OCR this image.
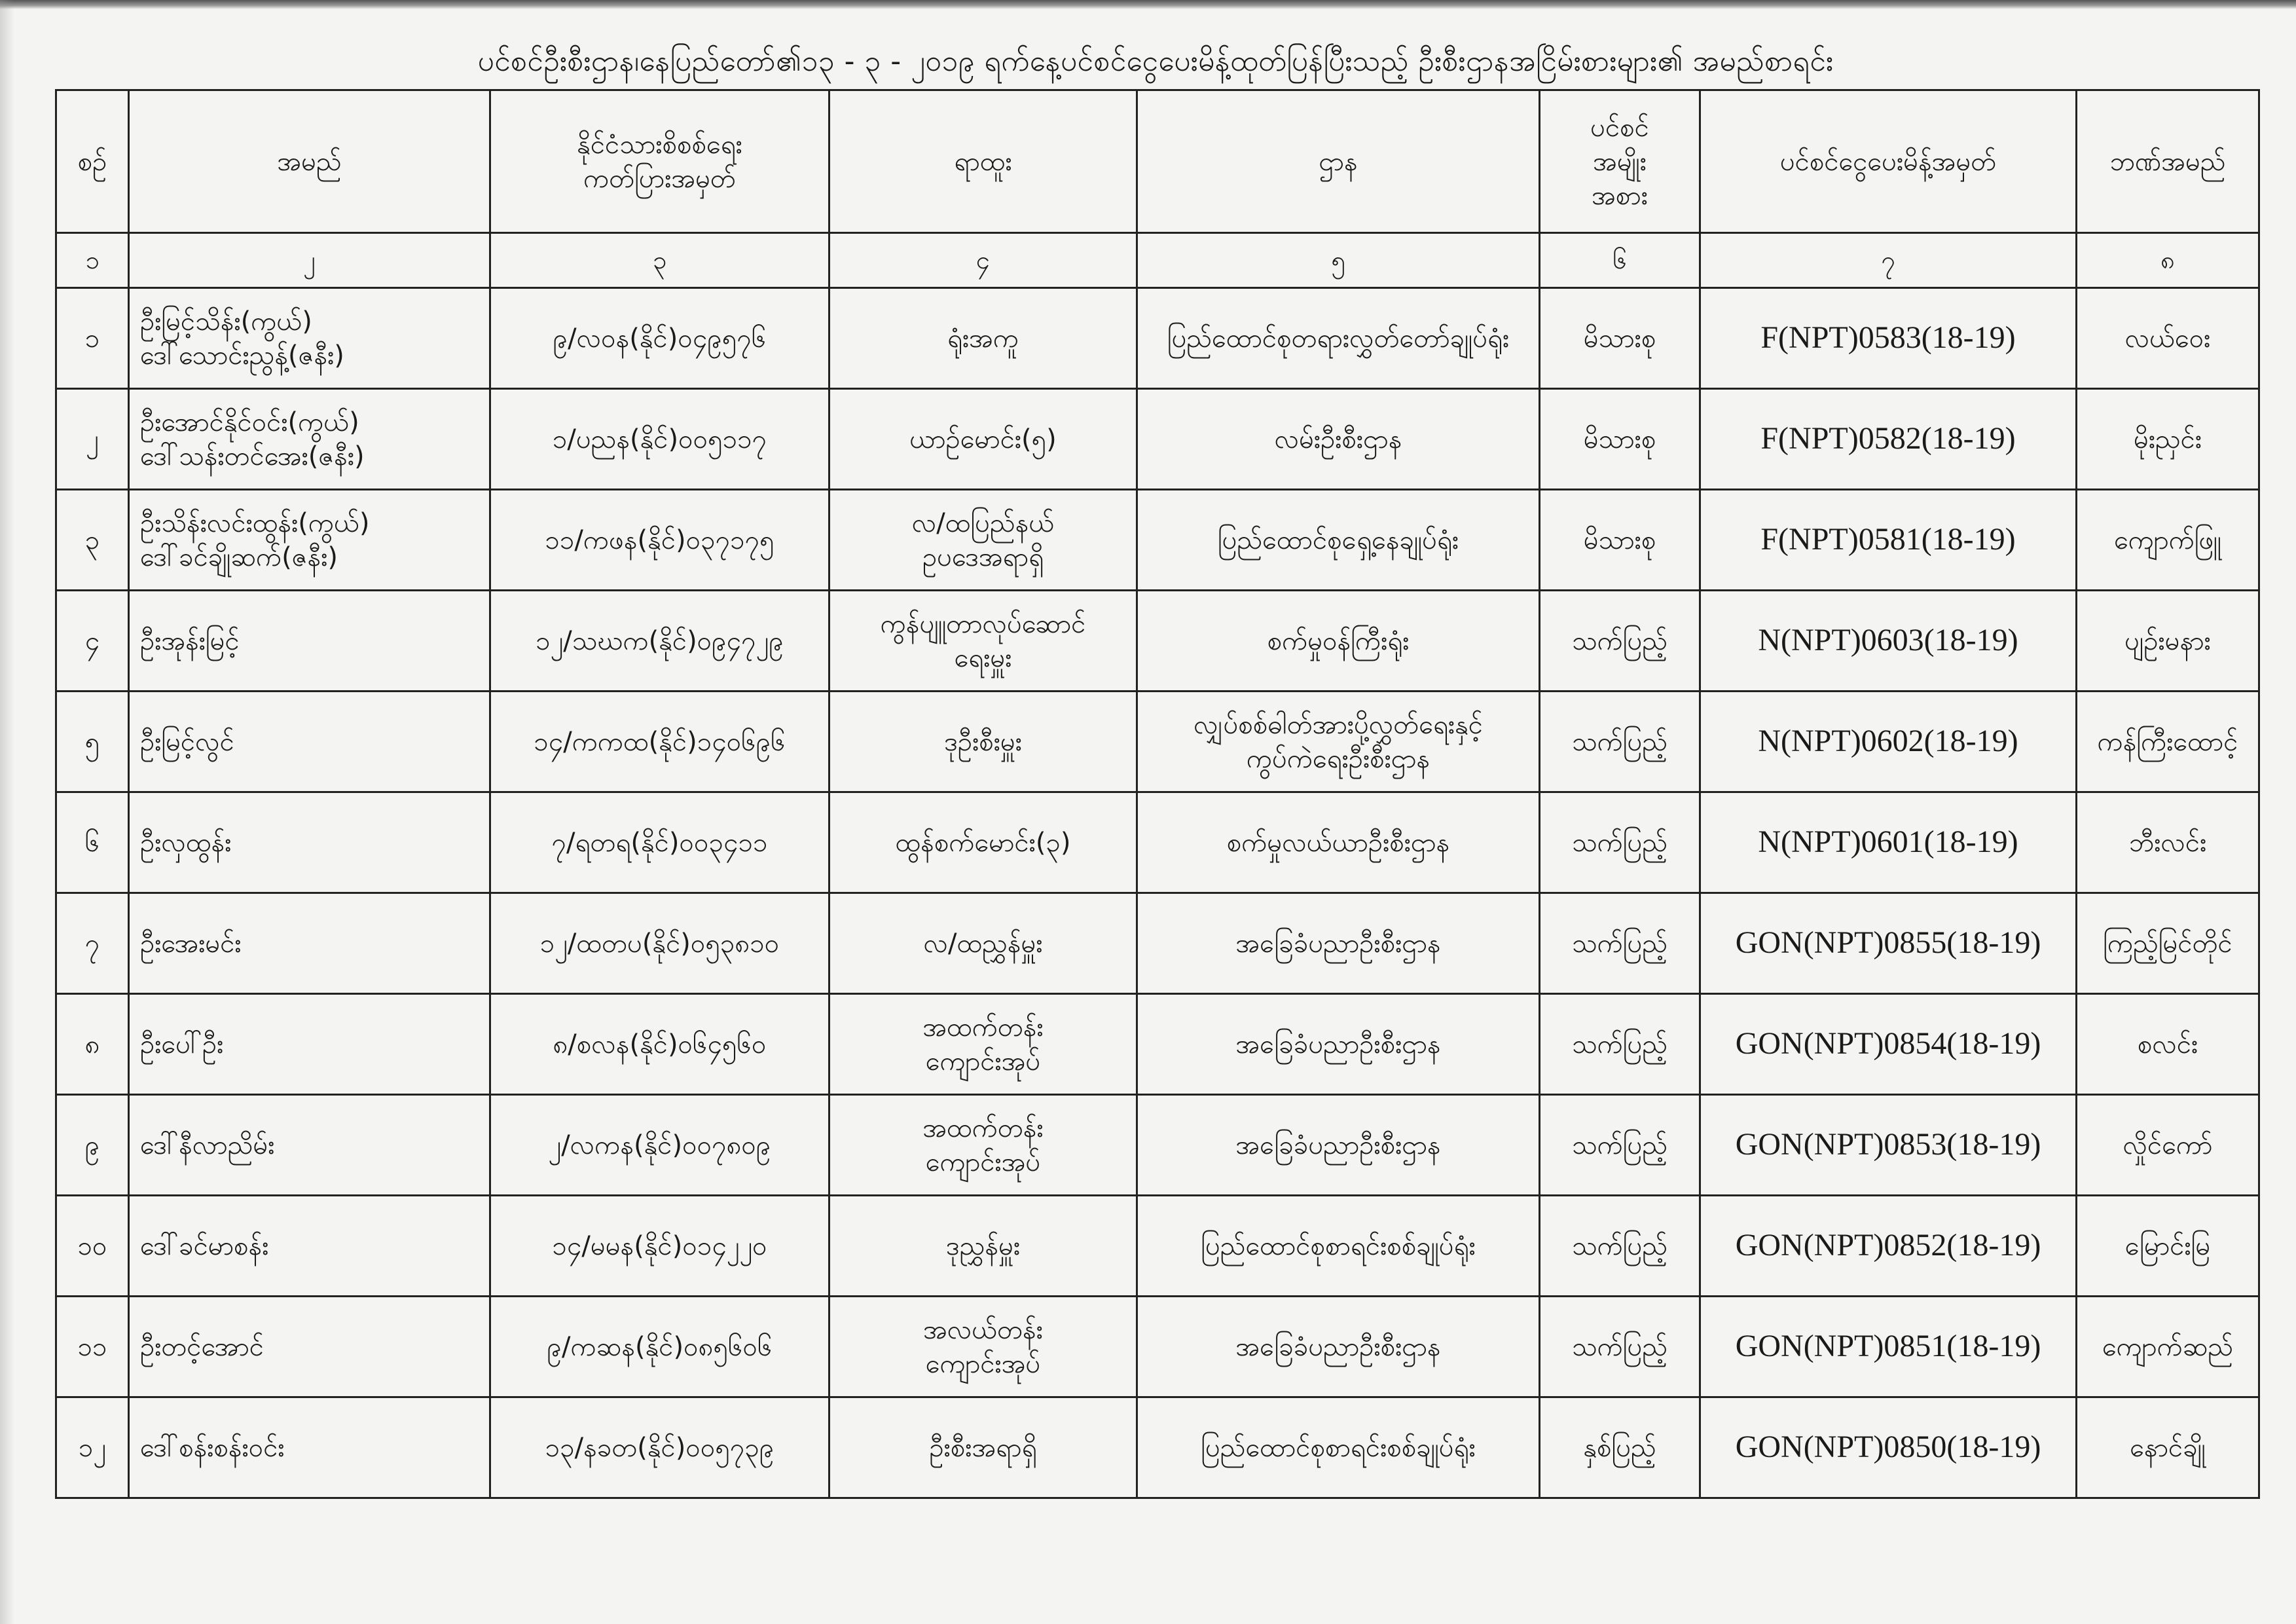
ပင်စင်ဦးစီးဌာန၊နေပြည်တော်၏၁၃ - ၃ - ၂၀၁၉ ရက်နေ့ပင်စင်ငွေပေးမိန့်ထုတ်ပြန်ပြီးသည့် ဦးစီးဌာနအငြိမ်းစားများ၏ အမည်စာရင်း
စဉ်	အမည်	နိုင်ငံသားစိစစ်ရေး
ကတ်ပြားအမှတ်	ရာထူး	ဌာန	ပင်စင်
အမျိုး
အစား	ပင်စင်ငွေပေးမိန့်အမှတ်	ဘဏ်အမည်
၁	၂	၃	၄	၅	၆	၇	၈
၁	ဦးမြင့်သိန်း(ကွယ်)
ဒေါ်သောင်းညွန့်(ဇနီး)	၉/လဝန(နိုင်)၀၄၉၅၇၆	ရုံးအကူ	ပြည်ထောင်စုတရားလွှတ်တော်ချုပ်ရုံး	မိသားစု	F(NPT)0583(18-19)	လယ်ဝေး
၂	ဦးအောင်နိုင်ဝင်း(ကွယ်)
ဒေါ်သန်းတင်အေး(ဇနီး)	၁/ပညန(နိုင်)၀၀၅၁၁၇	ယာဉ်မောင်း(၅)	လမ်းဦးစီးဌာန	မိသားစု	F(NPT)0582(18-19)	မိုးညှင်း
၃	ဦးသိန်းလင်းထွန်း(ကွယ်)
ဒေါ်ခင်ချိုဆက်(ဇနီး)	၁၁/ကဖန(နိုင်)၀၃၇၁၇၅	လ/ထပြည်နယ်
ဥပဒေအရာရှိ	ပြည်ထောင်စုရှေ့နေချုပ်ရုံး	မိသားစု	F(NPT)0581(18-19)	ကျောက်ဖြူ
၄	ဦးအုန်းမြင့်	၁၂/သဃက(နိုင်)၀၉၄၇၂၉	ကွန်ပျူတာလုပ်ဆောင်
ရေးမှူး	စက်မှုဝန်ကြီးရုံး	သက်ပြည့်	N(NPT)0603(18-19)	ပျဉ်းမနား
၅	ဦးမြင့်လွင်	၁၄/ကကထ(နိုင်)၁၄၀၆၉၆	ဒုဦးစီးမှူး	လျှပ်စစ်ဓါတ်အားပို့လွှတ်ရေးနှင့်
ကွပ်ကဲရေးဦးစီးဌာန	သက်ပြည့်	N(NPT)0602(18-19)	ကန်ကြီးထောင့်
၆	ဦးလှထွန်း	၇/ရတရ(နိုင်)၀၀၃၄၁၁	ထွန်စက်မောင်း(၃)	စက်မှုလယ်ယာဦးစီးဌာန	သက်ပြည့်	N(NPT)0601(18-19)	ဘီးလင်း
၇	ဦးအေးမင်း	၁၂/ထတပ(နိုင်)၀၅၃၈၁၀	လ/ထညွှန်မှူး	အခြေခံပညာဦးစီးဌာန	သက်ပြည့်	GON(NPT)0855(18-19)	ကြည့်မြင်တိုင်
၈	ဦးပေါ်ဦး	၈/စလန(နိုင်)၀၆၄၅၆၀	အထက်တန်း
ကျောင်းအုပ်	အခြေခံပညာဦးစီးဌာန	သက်ပြည့်	GON(NPT)0854(18-19)	စလင်း
၉	ဒေါ်နီလာညိမ်း	၂/လကန(နိုင်)၀၀၇၈၀၉	အထက်တန်း
ကျောင်းအုပ်	အခြေခံပညာဦးစီးဌာန	သက်ပြည့်	GON(NPT)0853(18-19)	လှိုင်ကော်
၁၀	ဒေါ်ခင်မာစန်း	၁၄/မမန(နိုင်)၀၁၄၂၂၀	ဒုညွှန်မှူး	ပြည်ထောင်စုစာရင်းစစ်ချုပ်ရုံး	သက်ပြည့်	GON(NPT)0852(18-19)	မြောင်းမြ
၁၁	ဦးတင့်အောင်	၉/ကဆန(နိုင်)၀၈၅၆၀၆	အလယ်တန်း
ကျောင်းအုပ်	အခြေခံပညာဦးစီးဌာန	သက်ပြည့်	GON(NPT)0851(18-19)	ကျောက်ဆည်
၁၂	ဒေါ်စန်းစန်းဝင်း	၁၃/နခတ(နိုင်)၀၀၅၇၃၉	ဦးစီးအရာရှိ	ပြည်ထောင်စုစာရင်းစစ်ချုပ်ရုံး	နှစ်ပြည့်	GON(NPT)0850(18-19)	နောင်ချို
